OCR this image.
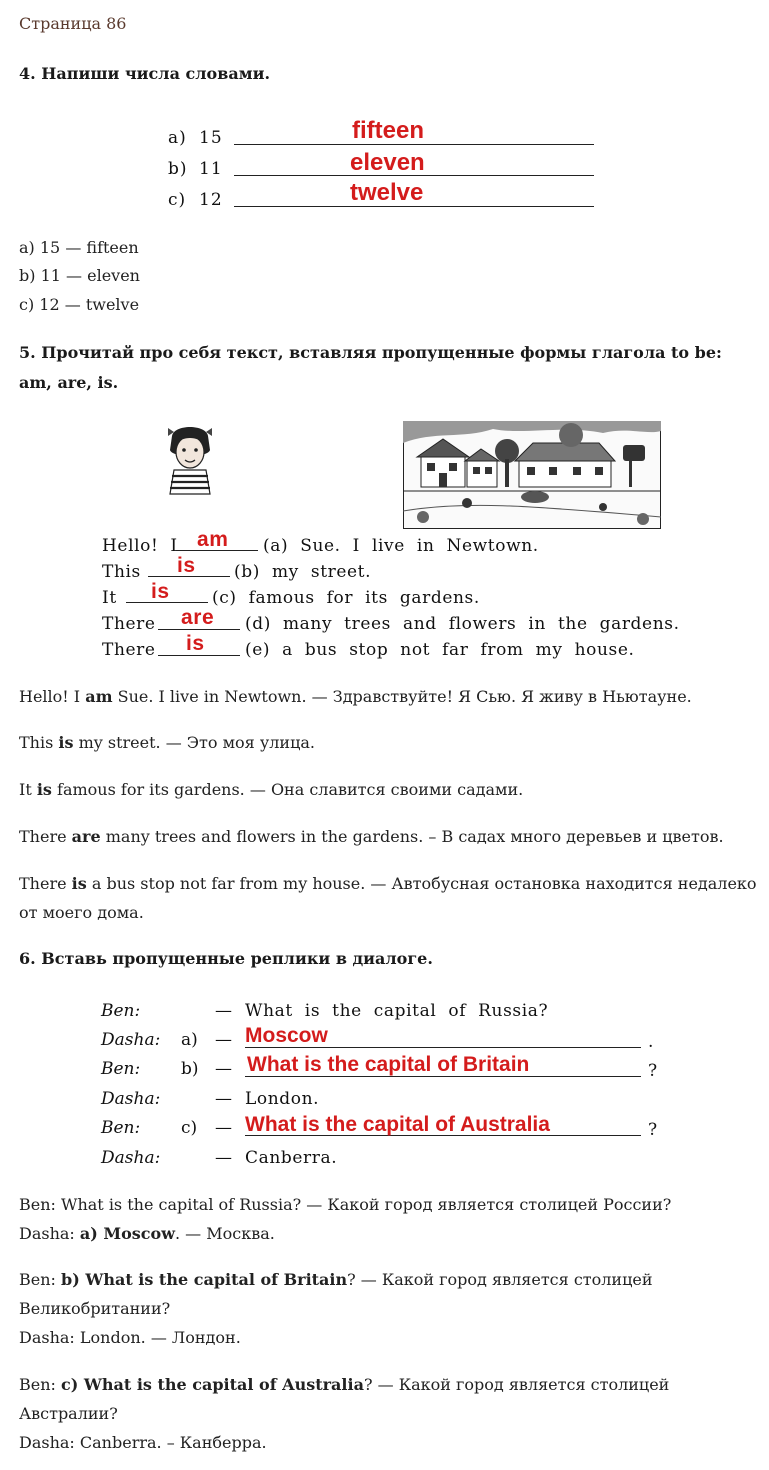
Страница 86
4. Напиши числа словами.
a) 15	fifteen
b) 11	eleven
c) 12	twelve
a) 15 — fifteen
b) 11 — eleven
c) 12 — twelve
5. Прочитай про себя текст, вставляя пропущенные формы глагола to be: am, are, is.
Hello! I am (a) Sue. I live in Newtown.
This is (b) my street.
It is (c) famous for its gardens.
There are (d) many trees and flowers in the gardens.
There is (e) a bus stop not far from my house.
Hello! I am Sue. I live in Newtown. — Здравствуйте! Я Сью. Я живу в Ньютауне.
This is my street. — Это моя улица.
It is famous for its gardens. — Она славится своими садами.
There are many trees and flowers in the gardens. – В садах много деревьев и цветов.
There is a bus stop not far from my house. — Автобусная остановка находится недалеко от моего дома.
6. Вставь пропущенные реплики в диалоге.
Ben:	— What is the capital of Russia?
Dasha: a) — Moscow	.
Ben: b) — What is the capital of Britain	?
Dasha:	— London.
Ben: c) — What is the capital of Australia	?
Dasha:	— Canberra.
Ben: What is the capital of Russia? — Какой город является столицей России?
Dasha: a) Moscow. — Москва.
Ben: b) What is the capital of Britain? — Какой город является столицей Великобритании?
Dasha: London. — Лондон.
Ben: c) What is the capital of Australia? — Какой город является столицей Австралии?
Dasha: Canberra. – Канберра.
